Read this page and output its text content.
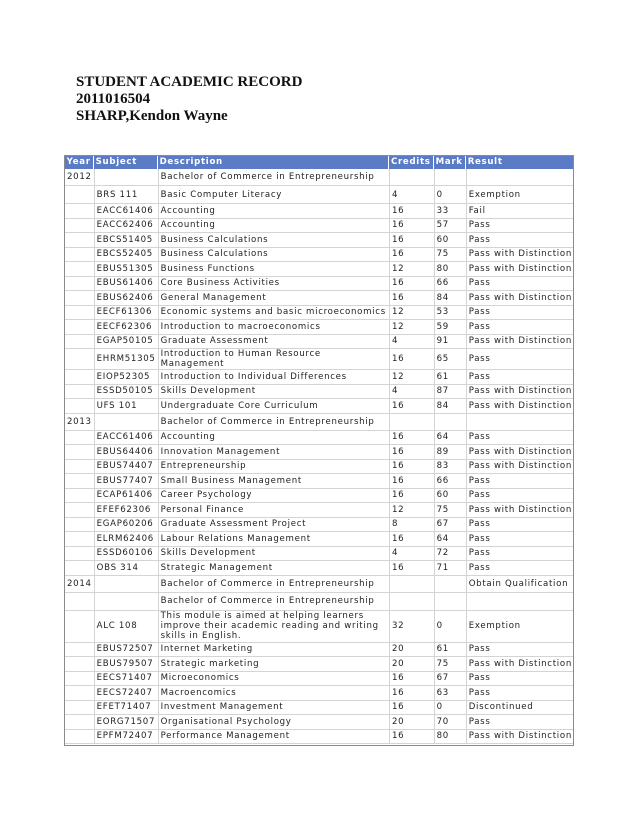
STUDENT ACADEMIC RECORD
2011016504
SHARP,Kendon Wayne
Year	Subject	Description	Credits	Mark	Result
2012		Bachelor of Commerce in Entrepreneurship			
	BRS 111	Basic Computer Literacy	4	0	Exemption
	EACC61406	Accounting	16	33	Fail
	EACC62406	Accounting	16	57	Pass
	EBCS51405	Business Calculations	16	60	Pass
	EBCS52405	Business Calculations	16	75	Pass with Distinction
	EBUS51305	Business Functions	12	80	Pass with Distinction
	EBUS61406	Core Business Activities	16	66	Pass
	EBUS62406	General Management	16	84	Pass with Distinction
	EECF61306	Economic systems and basic microeconomics	12	53	Pass
	EECF62306	Introduction to macroeconomics	12	59	Pass
	EGAP50105	Graduate Assessment	4	91	Pass with Distinction
	EHRM51305	Introduction to Human Resource Management	16	65	Pass
	EIOP52305	Introduction to Individual Differences	12	61	Pass
	ESSD50105	Skills Development	4	87	Pass with Distinction
	UFS 101	Undergraduate Core Curriculum	16	84	Pass with Distinction
2013		Bachelor of Commerce in Entrepreneurship			
	EACC61406	Accounting	16	64	Pass
	EBUS64406	Innovation Management	16	89	Pass with Distinction
	EBUS74407	Entrepreneurship	16	83	Pass with Distinction
	EBUS77407	Small Business Management	16	66	Pass
	ECAP61406	Career Psychology	16	60	Pass
	EFEF62306	Personal Finance	12	75	Pass with Distinction
	EGAP60206	Graduate Assessment Project	8	67	Pass
	ELRM62406	Labour Relations Management	16	64	Pass
	ESSD60106	Skills Development	4	72	Pass
	OBS 314	Strategic Management	16	71	Pass
2014		Bachelor of Commerce in Entrepreneurship			Obtain Qualification
		Bachelor of Commerce in Entrepreneurship			
	ALC 108	This module is aimed at helping learners improve their academic reading and writing skills in English.	32	0	Exemption
	EBUS72507	Internet Marketing	20	61	Pass
	EBUS79507	Strategic marketing	20	75	Pass with Distinction
	EECS71407	Microeconomics	16	67	Pass
	EECS72407	Macroencomics	16	63	Pass
	EFET71407	Investment Management	16	0	Discontinued
	EORG71507	Organisational Psychology	20	70	Pass
	EPFM72407	Performance Management	16	80	Pass with Distinction
